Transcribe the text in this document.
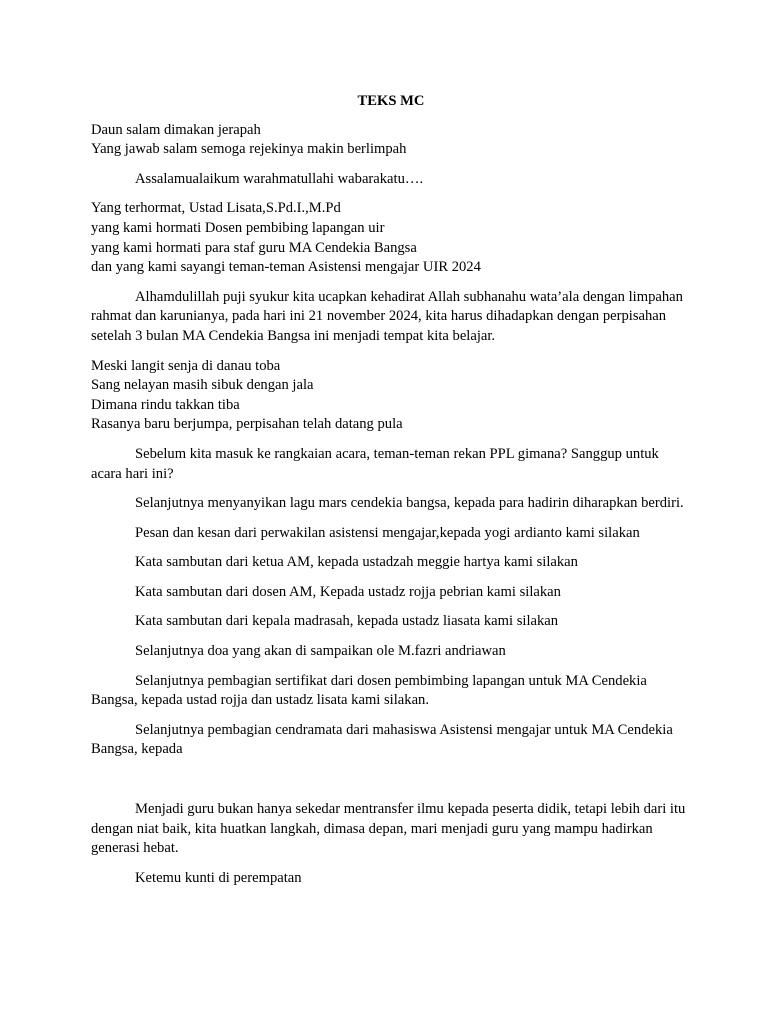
TEKS MC

Daun salam dimakan jerapah
Yang jawab salam semoga rejekinya makin berlimpah

Assalamualaikum warahmatullahi wabarakatu….

Yang terhormat, Ustad Lisata,S.Pd.I.,M.Pd
yang kami hormati Dosen pembibing lapangan uir
yang kami hormati para staf guru MA Cendekia Bangsa
dan yang kami sayangi teman-teman Asistensi mengajar UIR 2024

Alhamdulillah puji syukur kita ucapkan kehadirat Allah subhanahu wata’ala dengan limpahan rahmat dan karunianya, pada hari ini 21 november 2024, kita harus dihadapkan dengan perpisahan setelah 3 bulan MA Cendekia Bangsa ini menjadi tempat kita belajar.

Meski langit senja di danau toba
Sang nelayan masih sibuk dengan jala
Dimana rindu takkan tiba
Rasanya baru berjumpa, perpisahan telah datang pula

Sebelum kita masuk ke rangkaian acara, teman-teman rekan PPL gimana? Sanggup untuk acara hari ini?

Selanjutnya menyanyikan lagu mars cendekia bangsa, kepada para hadirin diharapkan berdiri.

Pesan dan kesan dari perwakilan asistensi mengajar,kepada yogi ardianto kami silakan

Kata sambutan dari ketua AM, kepada ustadzah meggie hartya kami silakan

Kata sambutan dari dosen AM, Kepada ustadz rojja pebrian kami silakan

Kata sambutan dari kepala madrasah, kepada ustadz liasata kami silakan

Selanjutnya doa yang akan di sampaikan ole M.fazri andriawan

Selanjutnya pembagian sertifikat dari dosen pembimbing lapangan untuk MA Cendekia Bangsa, kepada ustad rojja dan ustadz lisata kami silakan.

Selanjutnya pembagian cendramata dari mahasiswa Asistensi mengajar untuk MA Cendekia Bangsa, kepada

Menjadi guru bukan hanya sekedar mentransfer ilmu kepada peserta didik, tetapi lebih dari itu dengan niat baik, kita huatkan langkah, dimasa depan, mari menjadi guru yang mampu hadirkan generasi hebat.

Ketemu kunti di perempatan
